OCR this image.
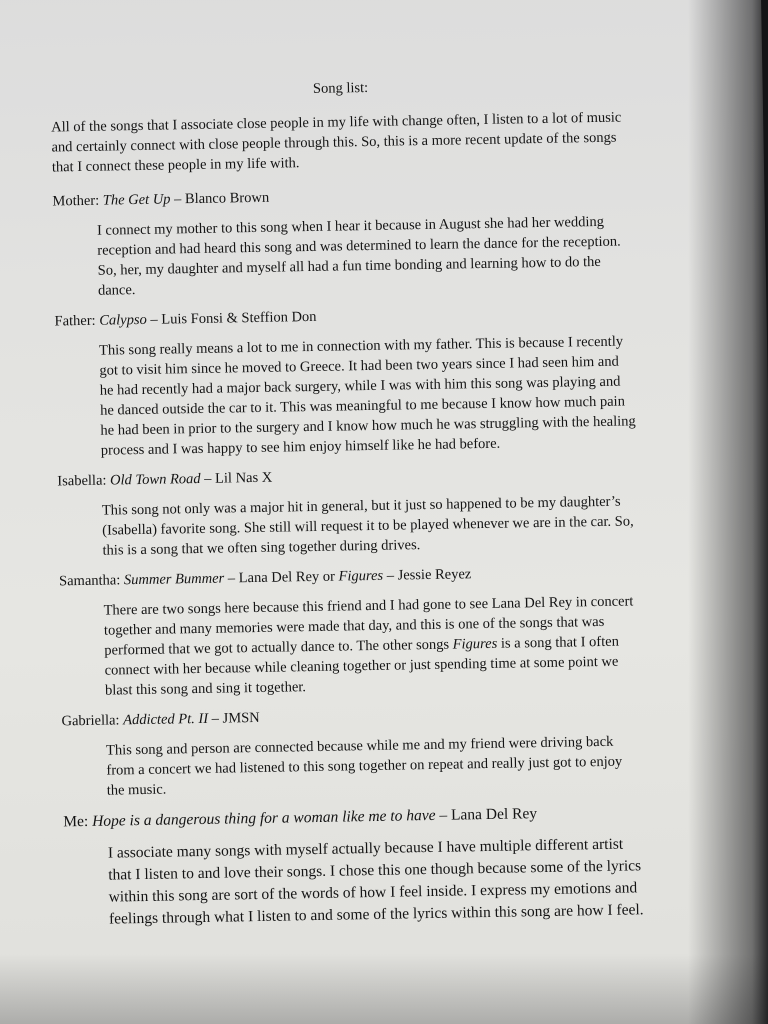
Song list:
All of the songs that I associate close people in my life with change often, I listen to a lot of music and certainly connect with close people through this. So, this is a more recent update of the songs that I connect these people in my life with.
Mother: The Get Up – Blanco Brown
I connect my mother to this song when I hear it because in August she had her wedding reception and had heard this song and was determined to learn the dance for the reception. So, her, my daughter and myself all had a fun time bonding and learning how to do the dance.
Father: Calypso – Luis Fonsi & Steffion Don
This song really means a lot to me in connection with my father. This is because I recently got to visit him since he moved to Greece. It had been two years since I had seen him and he had recently had a major back surgery, while I was with him this song was playing and he danced outside the car to it. This was meaningful to me because I know how much pain he had been in prior to the surgery and I know how much he was struggling with the healing process and I was happy to see him enjoy himself like he had before.
Isabella: Old Town Road – Lil Nas X
This song not only was a major hit in general, but it just so happened to be my daughter’s (Isabella) favorite song. She still will request it to be played whenever we are in the car. So, this is a song that we often sing together during drives.
Samantha: Summer Bummer – Lana Del Rey or Figures – Jessie Reyez
There are two songs here because this friend and I had gone to see Lana Del Rey in concert together and many memories were made that day, and this is one of the songs that was performed that we got to actually dance to. The other songs Figures is a song that I often connect with her because while cleaning together or just spending time at some point we blast this song and sing it together.
Gabriella: Addicted Pt. II – JMSN
This song and person are connected because while me and my friend were driving back from a concert we had listened to this song together on repeat and really just got to enjoy the music.
Me: Hope is a dangerous thing for a woman like me to have – Lana Del Rey
I associate many songs with myself actually because I have multiple different artist that I listen to and love their songs. I chose this one though because some of the lyrics within this song are sort of the words of how I feel inside. I express my emotions and feelings through what I listen to and some of the lyrics within this song are how I feel.
